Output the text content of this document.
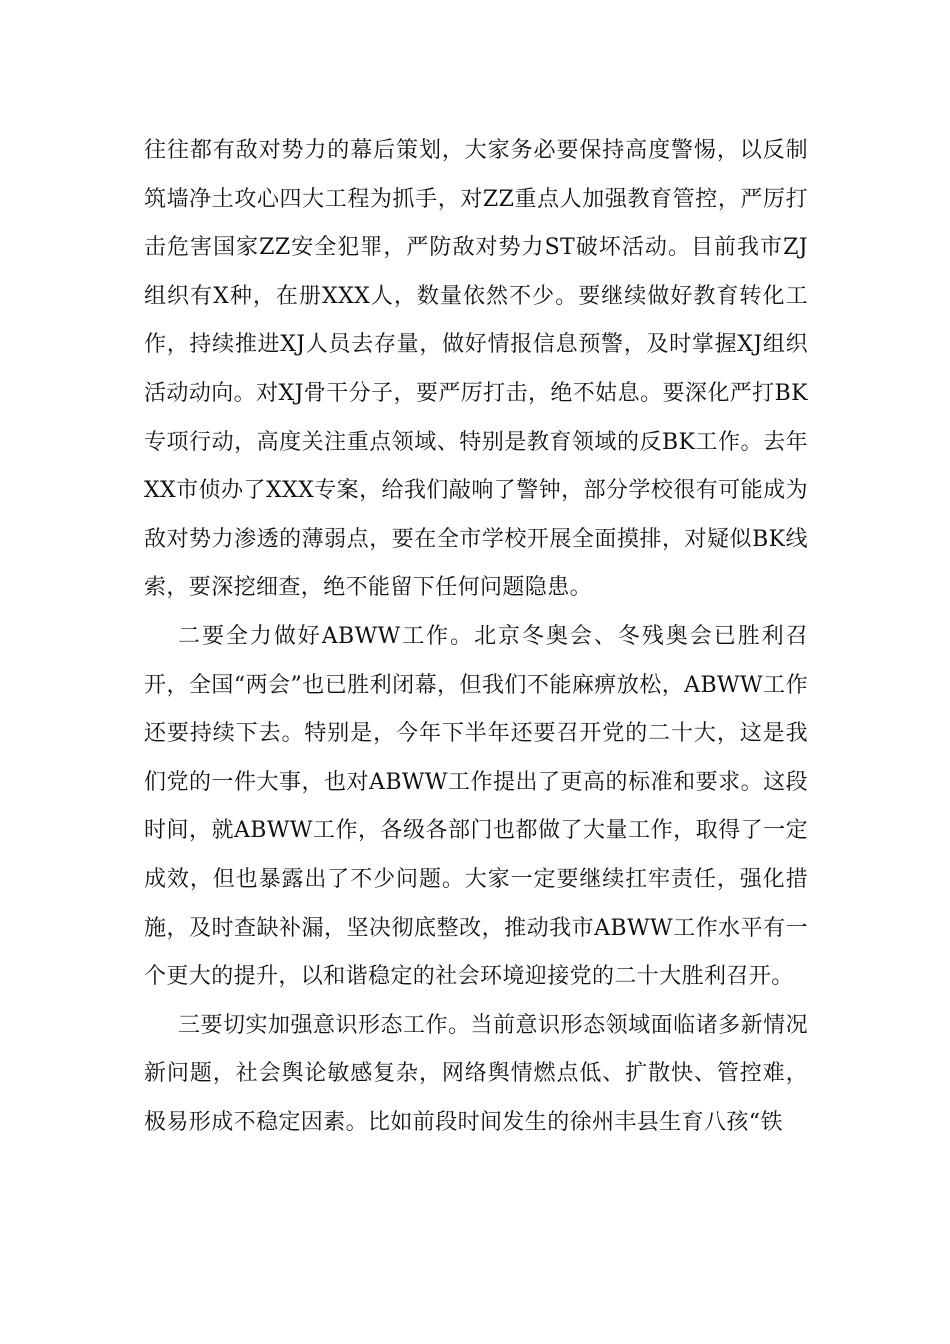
往往都有敌对势力的幕后策划，大家务必要保持高度警惕，以反制筑墙净土攻心四大工程为抓手，对ZZ重点人加强教育管控，严厉打击危害国家ZZ安全犯罪，严防敌对势力ST破坏活动。目前我市ZJ组织有X种，在册XXX人，数量依然不少。要继续做好教育转化工作，持续推进XJ人员去存量，做好情报信息预警，及时掌握XJ组织活动动向。对XJ骨干分子，要严厉打击，绝不姑息。要深化严打BK专项行动，高度关注重点领域、特别是教育领域的反BK工作。去年XX市侦办了XXX专案，给我们敲响了警钟，部分学校很有可能成为敌对势力渗透的薄弱点，要在全市学校开展全面摸排，对疑似BK线索，要深挖细查，绝不能留下任何问题隐患。

二要全力做好ABWW工作。北京冬奥会、冬残奥会已胜利召开，全国“两会”也已胜利闭幕，但我们不能麻痹放松，ABWW工作还要持续下去。特别是，今年下半年还要召开党的二十大，这是我们党的一件大事，也对ABWW工作提出了更高的标准和要求。这段时间，就ABWW工作，各级各部门也都做了大量工作，取得了一定成效，但也暴露出了不少问题。大家一定要继续扛牢责任，强化措施，及时查缺补漏，坚决彻底整改，推动我市ABWW工作水平有一个更大的提升，以和谐稳定的社会环境迎接党的二十大胜利召开。

三要切实加强意识形态工作。当前意识形态领域面临诸多新情况新问题，社会舆论敏感复杂，网络舆情燃点低、扩散快、管控难，极易形成不稳定因素。比如前段时间发生的徐州丰县生育八孩“铁
